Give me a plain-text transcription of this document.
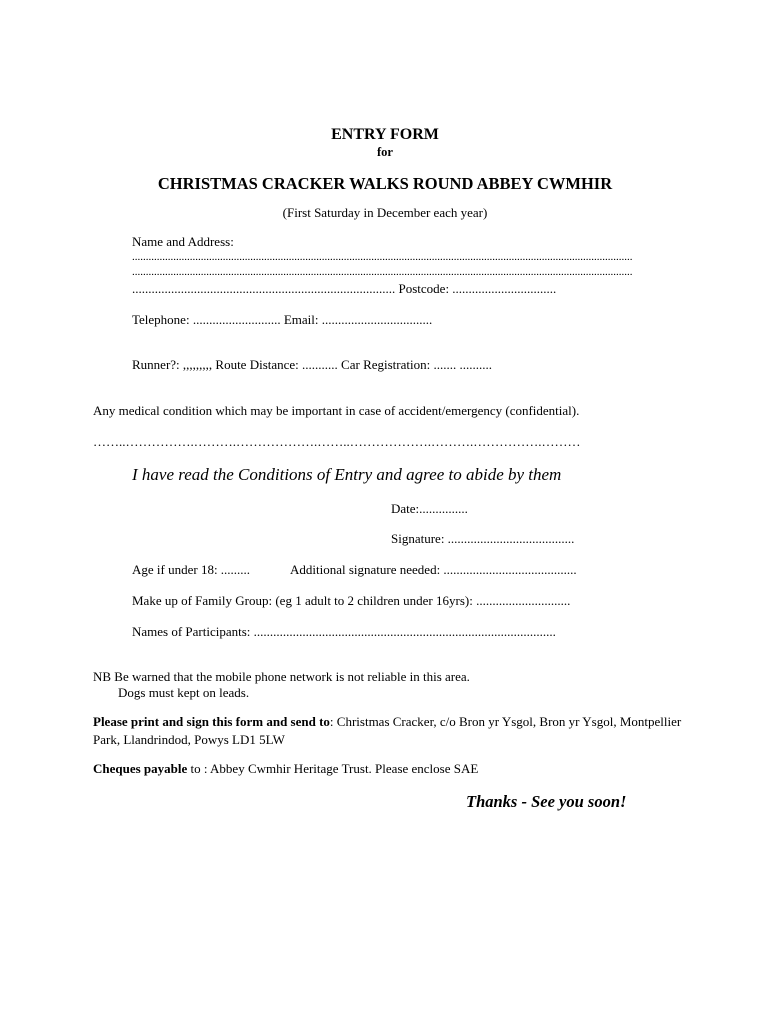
ENTRY FORM
for
CHRISTMAS CRACKER WALKS ROUND ABBEY CWMHIR
(First Saturday in December each year)
Name and Address:
......................................................................................................................................................................................
......................................................................................................................................................................................
................................................................................. Postcode: ................................
Telephone: ........................... Email: ..................................
Runner?: ,,,,,,,,, Route Distance: ........... Car Registration: ....... ..........
Any medical condition which may be important in case of accident/emergency (confidential).
……..…………….……….……………….……..……………….……….…………….………
I have read the Conditions of Entry and agree to abide by them
Date:...............
Signature: .......................................
Age if under 18: .........	Additional signature needed: .........................................
Make up of Family Group: (eg 1 adult to 2 children under 16yrs): .............................
Names of Participants: .............................................................................................
NB Be warned that the mobile phone network is not reliable in this area.
Dogs must kept on leads.
Please print and sign this form and send to: Christmas Cracker, c/o Bron yr Ysgol, Bron yr Ysgol, Montpellier Park, Llandrindod, Powys LD1 5LW
Cheques payable to : Abbey Cwmhir Heritage Trust. Please enclose SAE
Thanks - See you soon!
